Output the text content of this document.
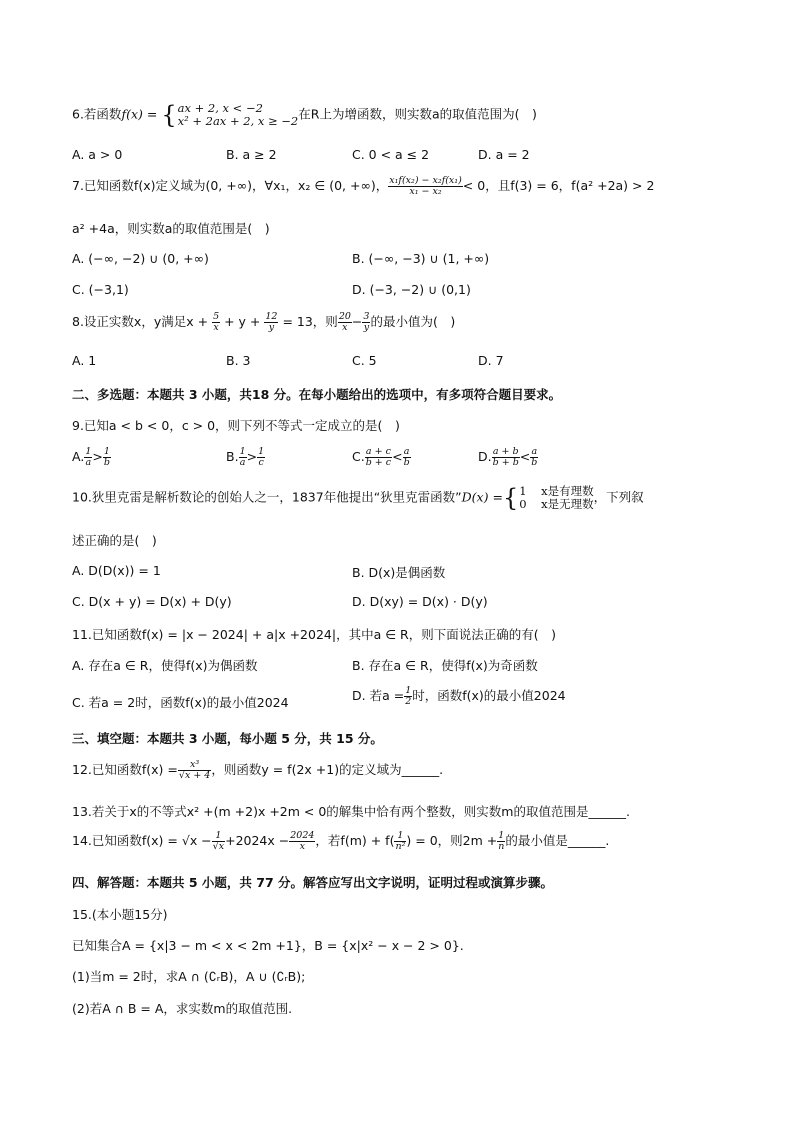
6.若函数f(x) = { ax + 2, x < −2
x² + 2ax + 2, x ≥ −2 在R上为增函数，则实数a的取值范围为(　)
A. a > 0	B. a ≥ 2	C. 0 < a ≤ 2	D. a = 2
7.已知函数f(x)定义域为(0, +∞)，∀x₁，x₂ ∈ (0, +∞)， $\frac{\text{x₁f(x₂) − x₂f(x₁)}}{\text{x₁ − x₂}} < 0$，且f(3) = 6，f(a² +2a) > 2
a² +4a，则实数a的取值范围是(　)
A. (−∞, −2) ∪ (0, +∞)	B. (−∞, −3) ∪ (1, +∞)
C. (−3,1)	D. (−3, −2) ∪ (0,1)
8.设正实数x，y满足$x + \frac{5}{x} + y + \frac{12}{y} = 13$，则 $\frac{20}{x} - \frac{3}{y}$ 的最小值为(　)
A. 1	B. 3	C. 5	D. 7
二、多选题：本题共 3 小题，共18 分。在每小题给出的选项中，有多项符合题目要求。
9.已知a < b < 0，c > 0，则下列不等式一定成立的是(　)
A. $\frac{1}{a} > \frac{1}{b}$	B. $\frac{1}{a} > \frac{1}{c}$	C. $\frac{a + c}{b + c} < \frac{a}{b}$	D. $\frac{a + b}{b + b} < \frac{a}{b}$
10.狄里克雷是解析数论的创始人之一，1837年他提出“狄里克雷函数”D(x) ={ 1 x是有理数
0 x是无理数 ，下列叙
述正确的是(　)
A. D(D(x)) = 1	B. D(x)是偶函数
C. D(x + y) = D(x) + D(y)	D. D(xy) = D(x) · D(y)
11.已知函数f(x) = |x − 2024| + a|x +2024|，其中a ∈ R，则下面说法正确的有(　)
A. 存在a ∈ R，使得f(x)为偶函数	B. 存在a ∈ R，使得f(x)为奇函数
C. 若a = 2时，函数f(x)的最小值2024	D. 若$a = \frac{1}{2}$ 时，函数f(x)的最小值2024
三、填空题：本题共 3 小题，每小题 5 分，共 15 分。
12.已知函数$f(x) = \frac{\text{x³}}{√x + 4}$ ，则函数y = f(2x +1)的定义域为______.
13.若关于x的不等式x² +(m +2)x +2m < 0的解集中恰有两个整数，则实数m的取值范围是______.
14.已知函数$f(x) = √x - \frac{1}{√x} +2024x - \frac{2024}{x}$ ，若$f(m) + f( \frac{1}{\text{n²}}$ ) = 0，则$2m + \frac{1}{n}$ 的最小值是______.
四、解答题：本题共 5 小题，共 77 分。解答应写出文字说明，证明过程或演算步骤。
15.(本小题15分)
已知集合A = {x|3 − m < x < 2m +1}，B = {x|x² − x − 2 > 0}.
(1)当m = 2时，求A ∩ (∁ᵣB)，A ∪ (∁ᵣB);
(2)若A ∩ B = A，求实数m的取值范围.
